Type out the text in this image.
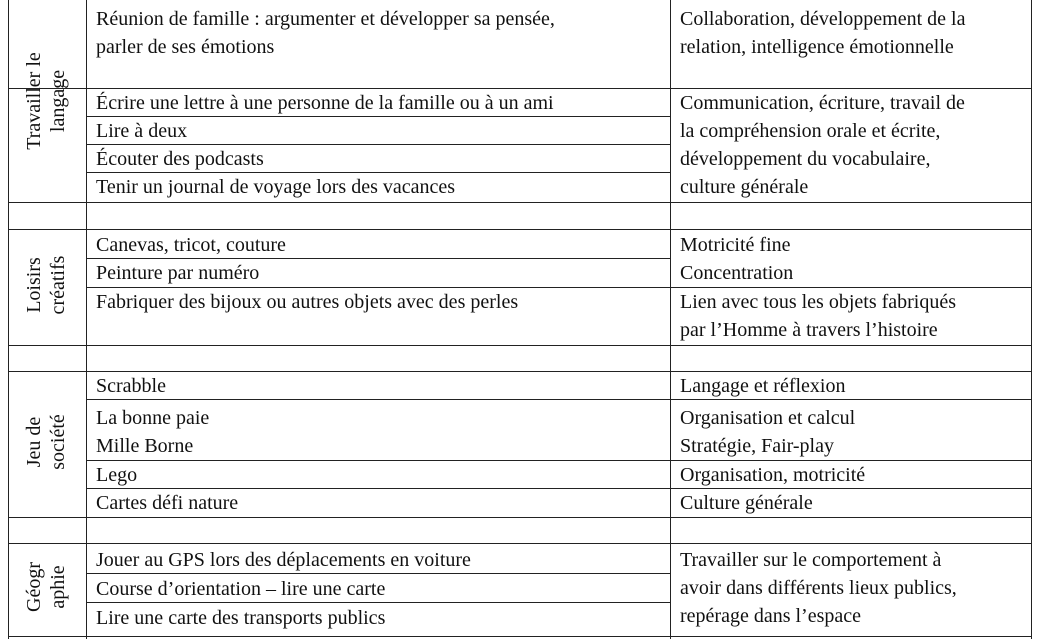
Travailler le langage
Réunion de famille : argumenter et développer sa pensée,
parler de ses émotions
Écrire une lettre à une personne de la famille ou à un ami
Lire à deux
Écouter des podcasts
Tenir un journal de voyage lors des vacances
Collaboration, développement de la
relation, intelligence émotionnelle
Communication, écriture, travail de
la compréhension orale et écrite,
développement du vocabulaire,
culture générale
Loisirs créatifs
Canevas, tricot, couture
Peinture par numéro
Fabriquer des bijoux ou autres objets avec des perles
Motricité fine
Concentration
Lien avec tous les objets fabriqués
par l’Homme à travers l’histoire
Jeu de société
Scrabble
La bonne paie
Mille Borne
Lego
Cartes défi nature
Langage et réflexion
Organisation et calcul
Stratégie, Fair-play
Organisation, motricité
Culture générale
Géogr aphie
Jouer au GPS lors des déplacements en voiture
Course d’orientation – lire une carte
Lire une carte des transports publics
Travailler sur le comportement à
avoir dans différents lieux publics,
repérage dans l’espace
